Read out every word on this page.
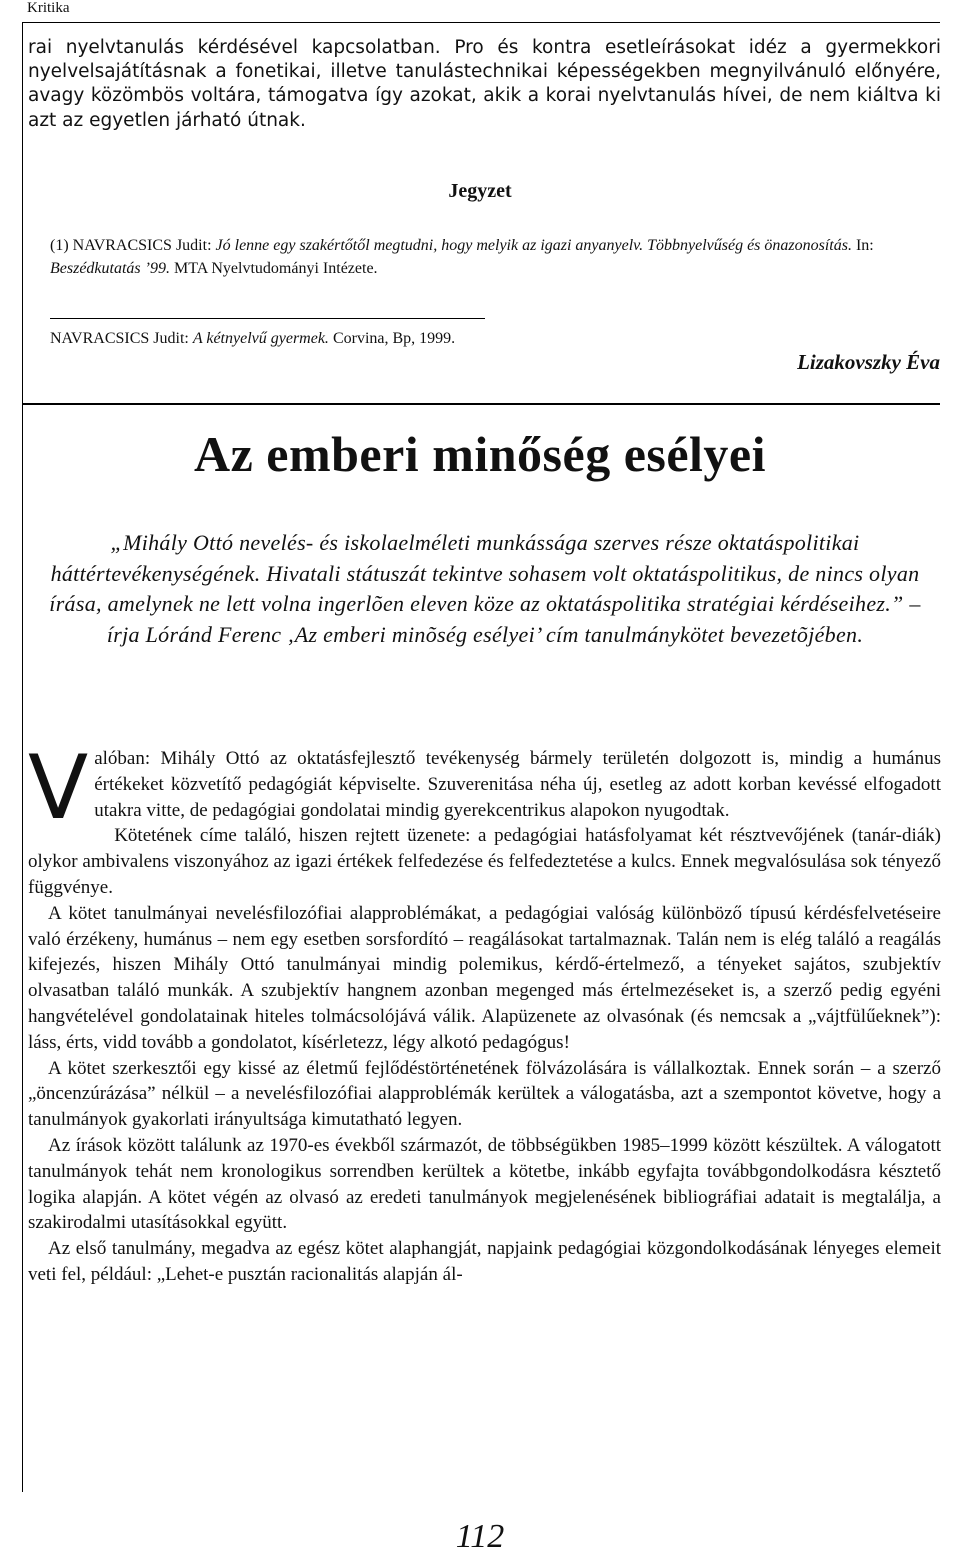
Kritika

rai nyelvtanulás kérdésével kapcsolatban. Pro és kontra esetleírásokat idéz a gyermekkori nyelvelsajátításnak a fonetikai, illetve tanulástechnikai képességekben megnyilvánuló előnyére, avagy közömbös voltára, támogatva így azokat, akik a korai nyelvtanulás hívei, de nem kiáltva ki azt az egyetlen járható útnak.

Jegyzet

(1) NAVRACSICS Judit: Jó lenne egy szakértőtől megtudni, hogy melyik az igazi anyanyelv. Többnyelvűség és önazonosítás. In: Beszédkutatás ’99. MTA Nyelvtudományi Intézete.

NAVRACSICS Judit: A kétnyelvű gyermek. Corvina, Bp, 1999.

Lizakovszky Éva
Az emberi minőség esélyei

„Mihály Ottó nevelés- és iskolaelméleti munkássága szerves része oktatáspolitikai háttértevékenységének. Hivatali státuszát tekintve sohasem volt oktatáspolitikus, de nincs olyan írása, amelynek ne lett volna ingerlõen eleven köze az oktatáspolitika stratégiai kérdéseihez.” – írja Lóránd Ferenc ‚Az emberi minõség esélyei’ cím tanulmánykötet bevezetõjében.

Valóban: Mihály Ottó az oktatásfejlesztő tevékenység bármely területén dolgozott is, mindig a humánus értékeket közvetítő pedagógiát képviselte. Szuverenitása néha új, esetleg az adott korban kevéssé elfogadott utakra vitte, de pedagógiai gondolatai mindig gyerekcentrikus alapokon nyugodtak.

Kötetének címe találó, hiszen rejtett üzenete: a pedagógiai hatásfolyamat két résztvevőjének (tanár-diák) olykor ambivalens viszonyához az igazi értékek felfedezése és felfedeztetése a kulcs. Ennek megvalósulása sok tényező függvénye.

A kötet tanulmányai nevelésfilozófiai alapproblémákat, a pedagógiai valóság különböző típusú kérdésfelvetéseire való érzékeny, humánus – nem egy esetben sorsfordító – reagálásokat tartalmaznak. Talán nem is elég találó a reagálás kifejezés, hiszen Mihály Ottó tanulmányai mindig polemikus, kérdő-értelmező, a tényeket sajátos, szubjektív olvasatban találó munkák. A szubjektív hangnem azonban megenged más értelmezéseket is, a szerző pedig egyéni hangvételével gondolatainak hiteles tolmácsolójává válik. Alapüzenete az olvasónak (és nemcsak a „vájtfülűeknek”): láss, érts, vidd tovább a gondolatot, kísérletezz, légy alkotó pedagógus!

A kötet szerkesztői egy kissé az életmű fejlődéstörténetének fölvázolására is vállalkoztak. Ennek során – a szerző „öncenzúrázása” nélkül – a nevelésfilozófiai alapproblémák kerültek a válogatásba, azt a szempontot követve, hogy a tanulmányok gyakorlati irányultsága kimutatható legyen.

Az írások között találunk az 1970-es évekből származót, de többségükben 1985–1999 között készültek. A válogatott tanulmányok tehát nem kronologikus sorrendben kerültek a kötetbe, inkább egyfajta továbbgondolkodásra késztető logika alapján. A kötet végén az olvasó az eredeti tanulmányok megjelenésének bibliográfiai adatait is megtalálja, a szakirodalmi utasításokkal együtt.

Az első tanulmány, megadva az egész kötet alaphangját, napjaink pedagógiai közgondolkodásának lényeges elemeit veti fel, például: „Lehet-e pusztán racionalitás alapján ál-

112
